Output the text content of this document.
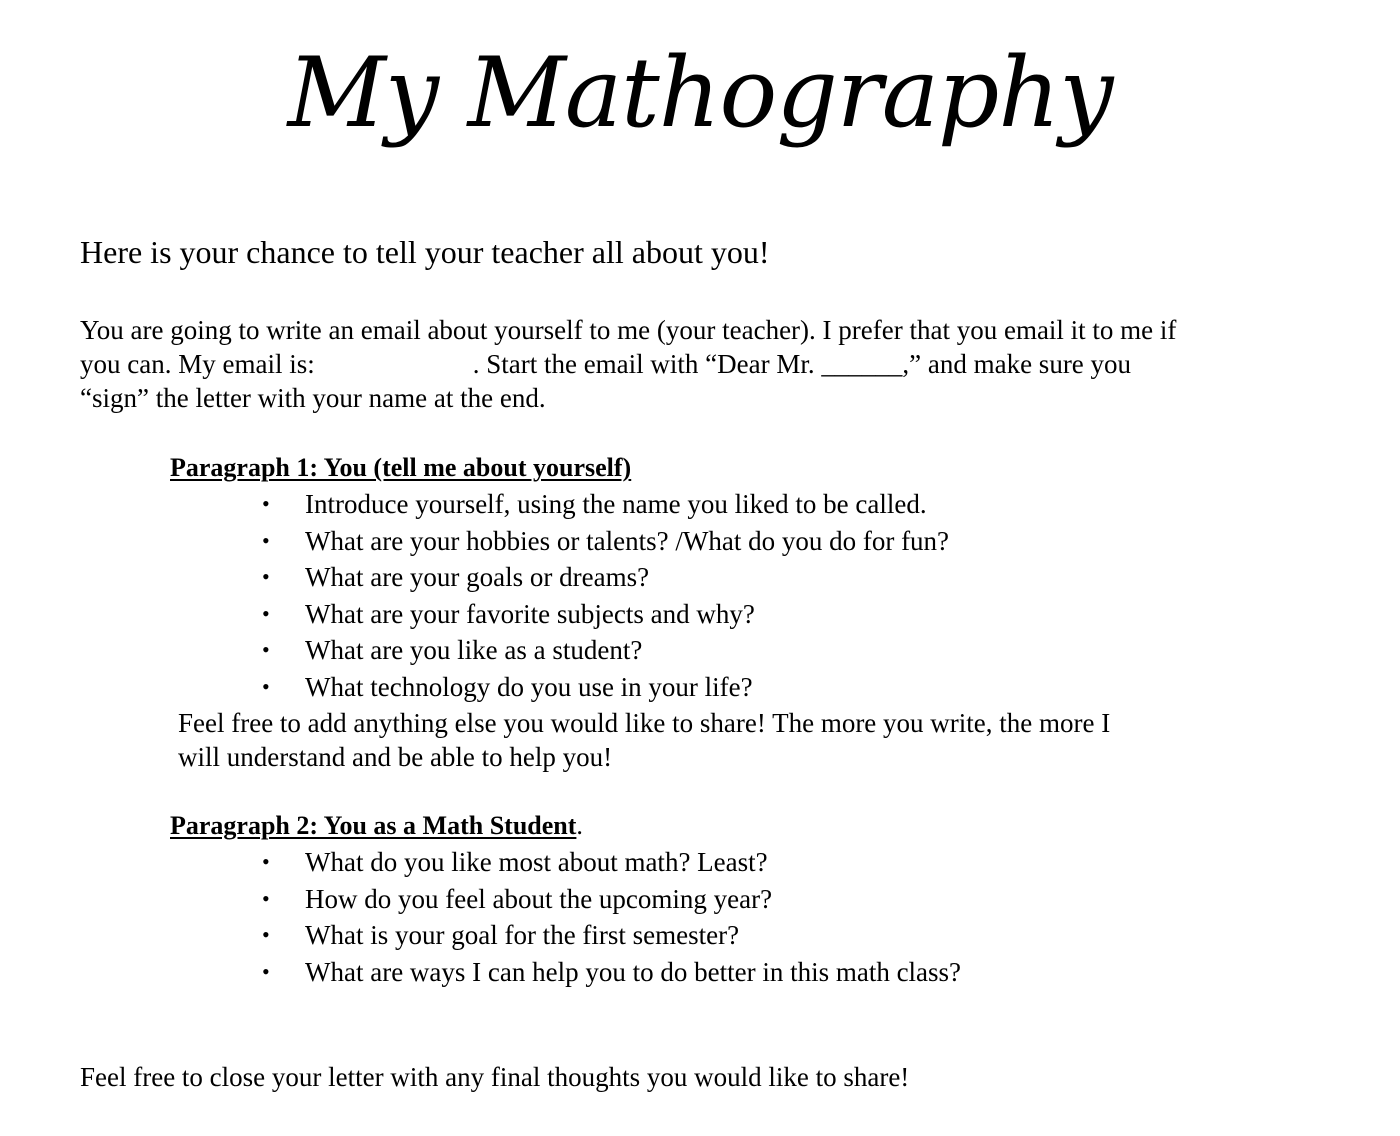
My Mathography

Here is your chance to tell your teacher all about you!

You are going to write an email about yourself to me (your teacher). I prefer that you email it to me if
you can. My email is:	. Start the email with “Dear Mr. ______,” and make sure you
“sign” the letter with your name at the end.

Paragraph 1: You (tell me about yourself)
• Introduce yourself, using the name you liked to be called.
• What are your hobbies or talents? /What do you do for fun?
• What are your goals or dreams?
• What are your favorite subjects and why?
• What are you like as a student?
• What technology do you use in your life?

Feel free to add anything else you would like to share! The more you write, the more I
will understand and be able to help you!

Paragraph 2: You as a Math Student.
• What do you like most about math? Least?
• How do you feel about the upcoming year?
• What is your goal for the first semester?
• What are ways I can help you to do better in this math class?

Feel free to close your letter with any final thoughts you would like to share!
